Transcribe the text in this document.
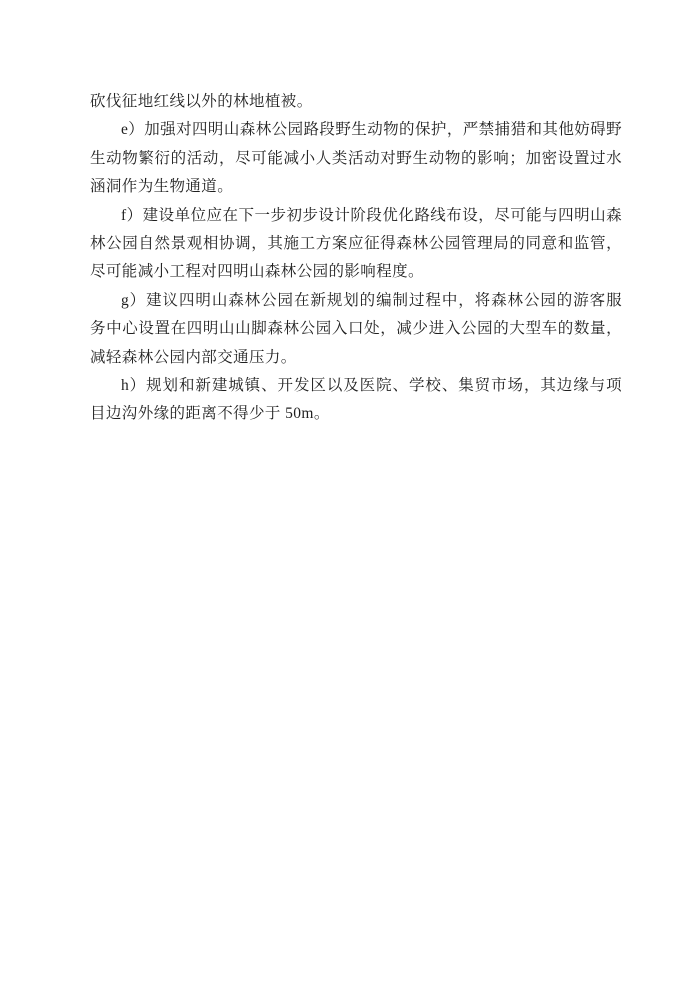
砍伐征地红线以外的林地植被。

e）加强对四明山森林公园路段野生动物的保护，严禁捕猎和其他妨碍野生动物繁衍的活动，尽可能减小人类活动对野生动物的影响；加密设置过水涵洞作为生物通道。

f）建设单位应在下一步初步设计阶段优化路线布设，尽可能与四明山森林公园自然景观相协调，其施工方案应征得森林公园管理局的同意和监管，尽可能减小工程对四明山森林公园的影响程度。

g）建议四明山森林公园在新规划的编制过程中，将森林公园的游客服务中心设置在四明山山脚森林公园入口处，减少进入公园的大型车的数量，减轻森林公园内部交通压力。

h）规划和新建城镇、开发区以及医院、学校、集贸市场，其边缘与项目边沟外缘的距离不得少于 50m。
